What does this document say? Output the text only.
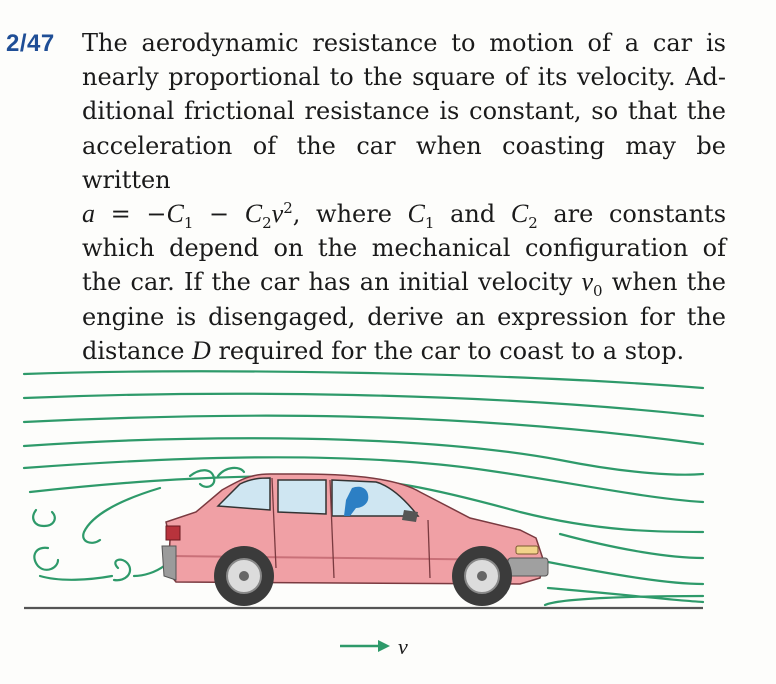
2/47 The aerodynamic resistance to motion of a car is
nearly proportional to the square of its velocity. Ad-
ditional frictional resistance is constant, so that the
acceleration of the car when coasting may be written
$a = -C_1 - C_2v^2$, where $C_1$ and $C_2$ are constants
which depend on the mechanical configuration of
the car. If the car has an initial velocity $v_0$ when the
engine is disengaged, derive an expression for the
distance D required for the car to coast to a stop.
v
